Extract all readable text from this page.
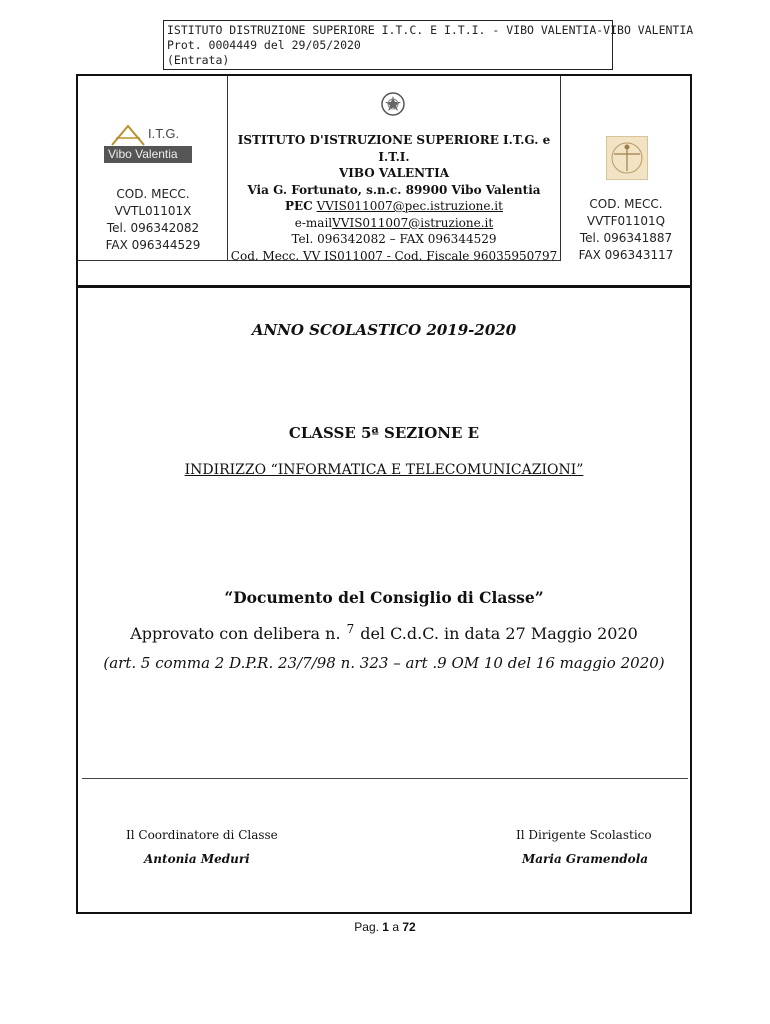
ISTITUTO DISTRUZIONE SUPERIORE I.T.C. E I.T.I. - VIBO VALENTIA-VIBO VALENTIA
Prot. 0004449 del 29/05/2020
(Entrata)
I.T.G.
Vibo Valentia
COD. MECC.
VVTL01101X
Tel. 096342082
FAX 096344529
ISTITUTO D'ISTRUZIONE SUPERIORE I.T.G. e I.T.I.
VIBO VALENTIA
Via G. Fortunato, s.n.c. 89900 Vibo Valentia
PEC VVIS011007@pec.istruzione.it
e-mailVVIS011007@istruzione.it
Tel. 096342082 – FAX 096344529
Cod. Mecc. VV IS011007 - Cod. Fiscale 96035950797
COD. MECC.
VVTF01101Q
Tel. 096341887
FAX 096343117
ANNO SCOLASTICO 2019-2020
CLASSE 5ª SEZIONE E
INDIRIZZO “INFORMATICA E TELECOMUNICAZIONI”
“Documento del Consiglio di Classe”
Approvato con delibera n. $^7$ del C.d.C. in data 27 Maggio 2020
(art. 5 comma 2 D.P.R. 23/7/98 n. 323 – art .9 OM 10 del 16 maggio 2020)
Il Coordinatore di Classe
Antonia Meduri
Il Dirigente Scolastico
Maria Gramendola
Pag. 1 a 72
